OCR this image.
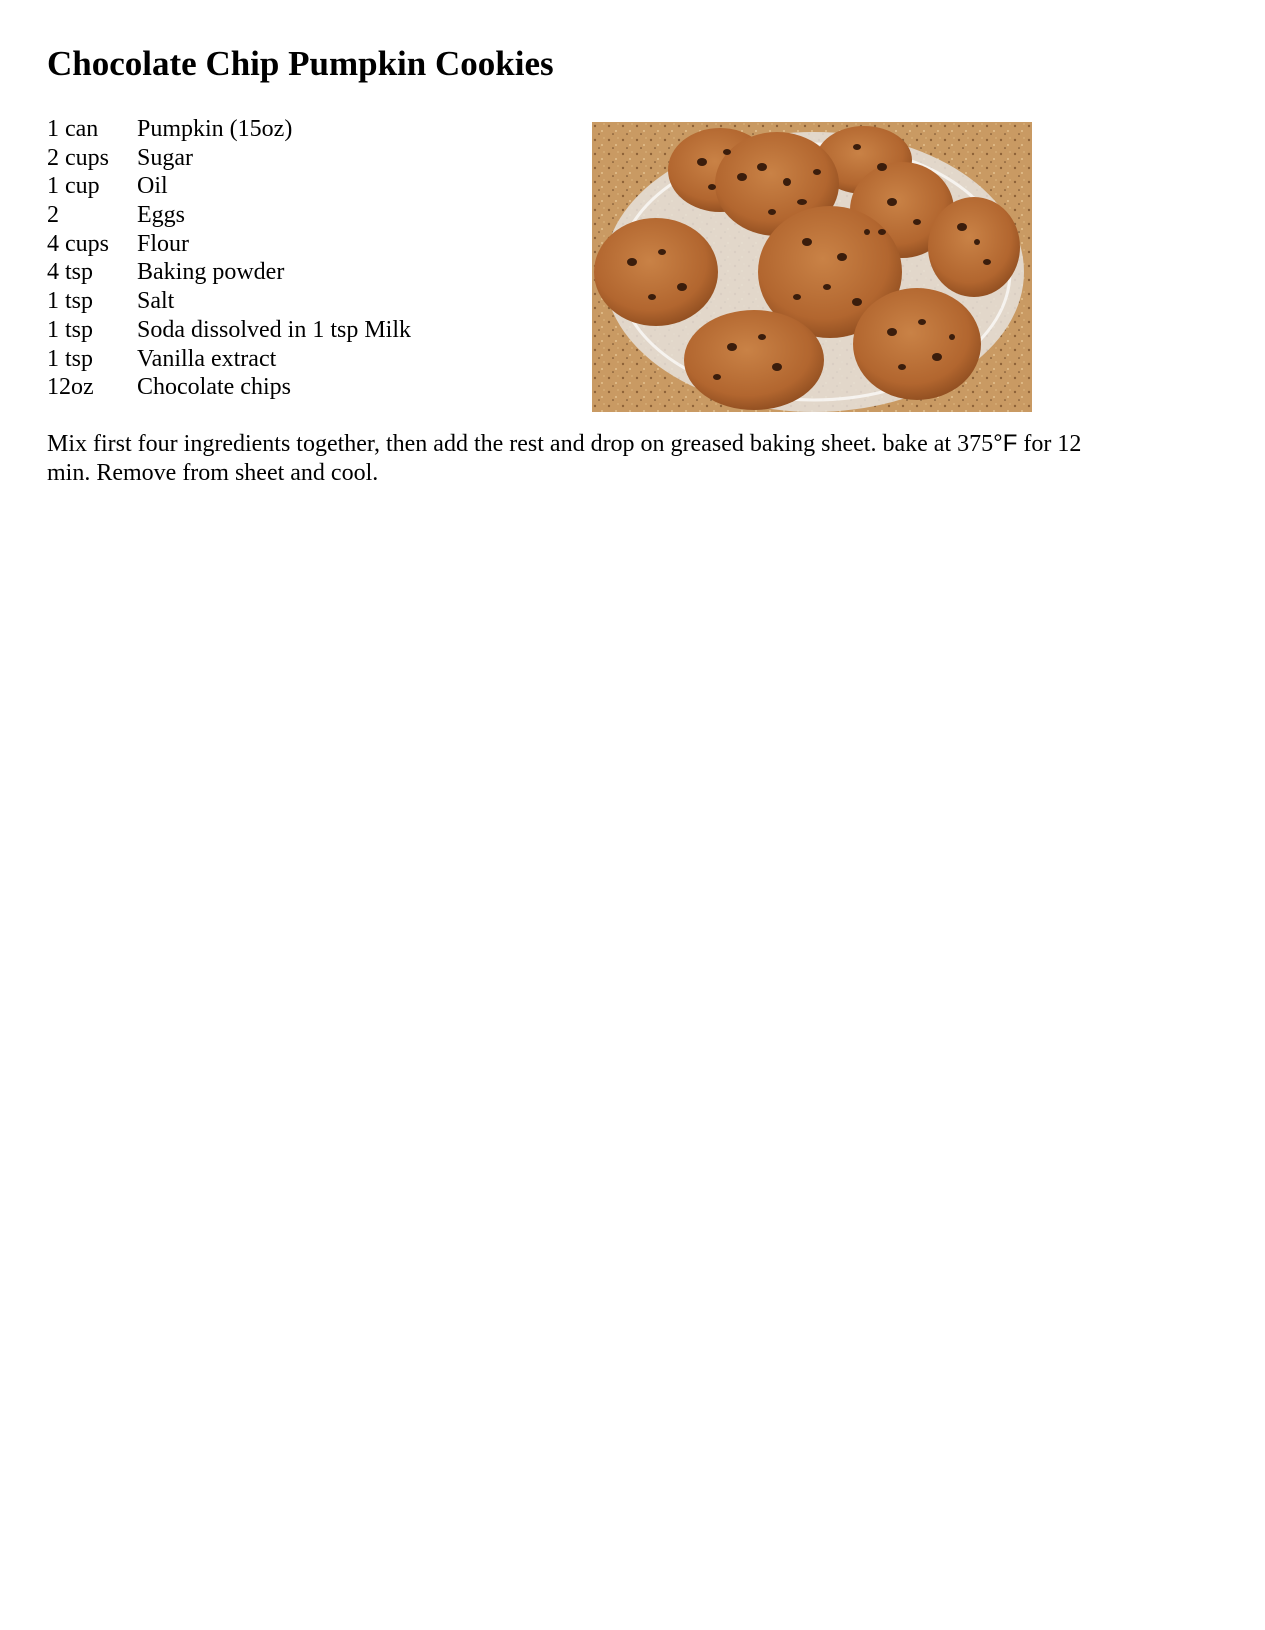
Chocolate Chip Pumpkin Cookies
1 can Pumpkin (15oz)
2 cups Sugar
1 cup Oil
2	Eggs
4 cups Flour
4 tsp Baking powder
1 tsp Salt
1 tsp Soda dissolved in 1 tsp Milk
1 tsp Vanilla extract
12oz Chocolate chips

Mix first four ingredients together, then add the rest and drop on greased baking sheet. bake at 375°F for 12 min. Remove from sheet and cool.
